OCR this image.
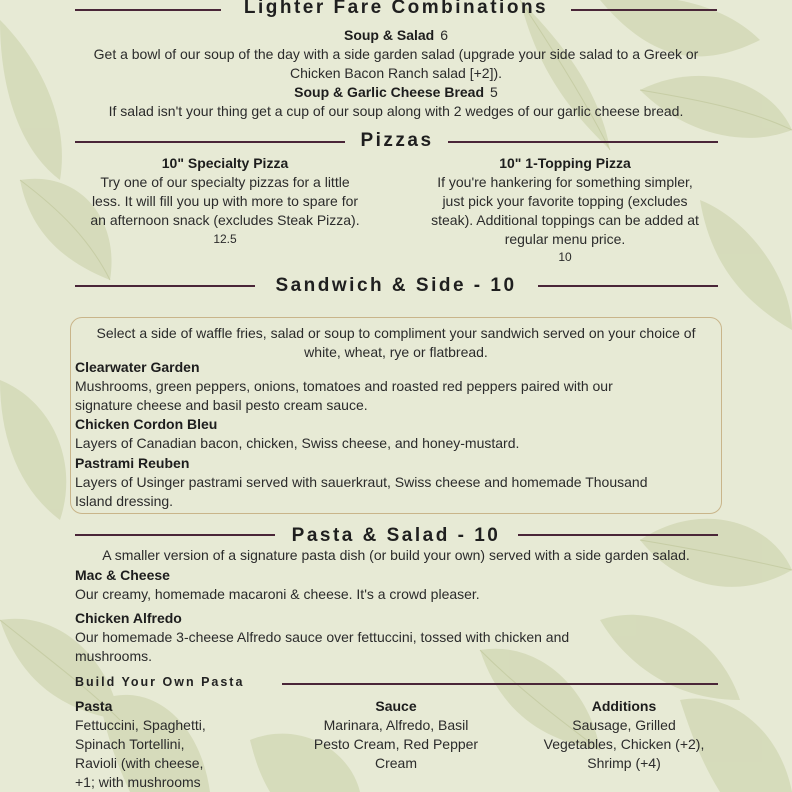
Lighter Fare Combinations
Soup & Salad 6
Get a bowl of our soup of the day with a side garden salad (upgrade your side salad to a Greek or
Chicken Bacon Ranch salad [+2]).
Soup & Garlic Cheese Bread 5
If salad isn't your thing get a cup of our soup along with 2 wedges of our garlic cheese bread.
Pizzas
10" Specialty Pizza
Try one of our specialty pizzas for a little
less. It will fill you up with more to spare for
an afternoon snack (excludes Steak Pizza).
12.5
10" 1-Topping Pizza
If you're hankering for something simpler,
just pick your favorite topping (excludes
steak). Additional toppings can be added at
regular menu price.
10
Sandwich & Side - 10
Select a side of waffle fries, salad or soup to compliment your sandwich served on your choice of
white, wheat, rye or flatbread.
Clearwater Garden
Mushrooms, green peppers, onions, tomatoes and roasted red peppers paired with our
signature cheese and basil pesto cream sauce.
Chicken Cordon Bleu
Layers of Canadian bacon, chicken, Swiss cheese, and honey-mustard.
Pastrami Reuben
Layers of Usinger pastrami served with sauerkraut, Swiss cheese and homemade Thousand
Island dressing.
Pasta & Salad - 10
A smaller version of a signature pasta dish (or build your own) served with a side garden salad.
Mac & Cheese
Our creamy, homemade macaroni & cheese. It's a crowd pleaser.
Chicken Alfredo
Our homemade 3-cheese Alfredo sauce over fettuccini, tossed with chicken and
mushrooms.
Build Your Own Pasta
Pasta
Fettuccini, Spaghetti,
Spinach Tortellini,
Ravioli (with cheese,
+1; with mushrooms
Sauce
Marinara, Alfredo, Basil
Pesto Cream, Red Pepper
Cream
Additions
Sausage, Grilled
Vegetables, Chicken (+2),
Shrimp (+4)
